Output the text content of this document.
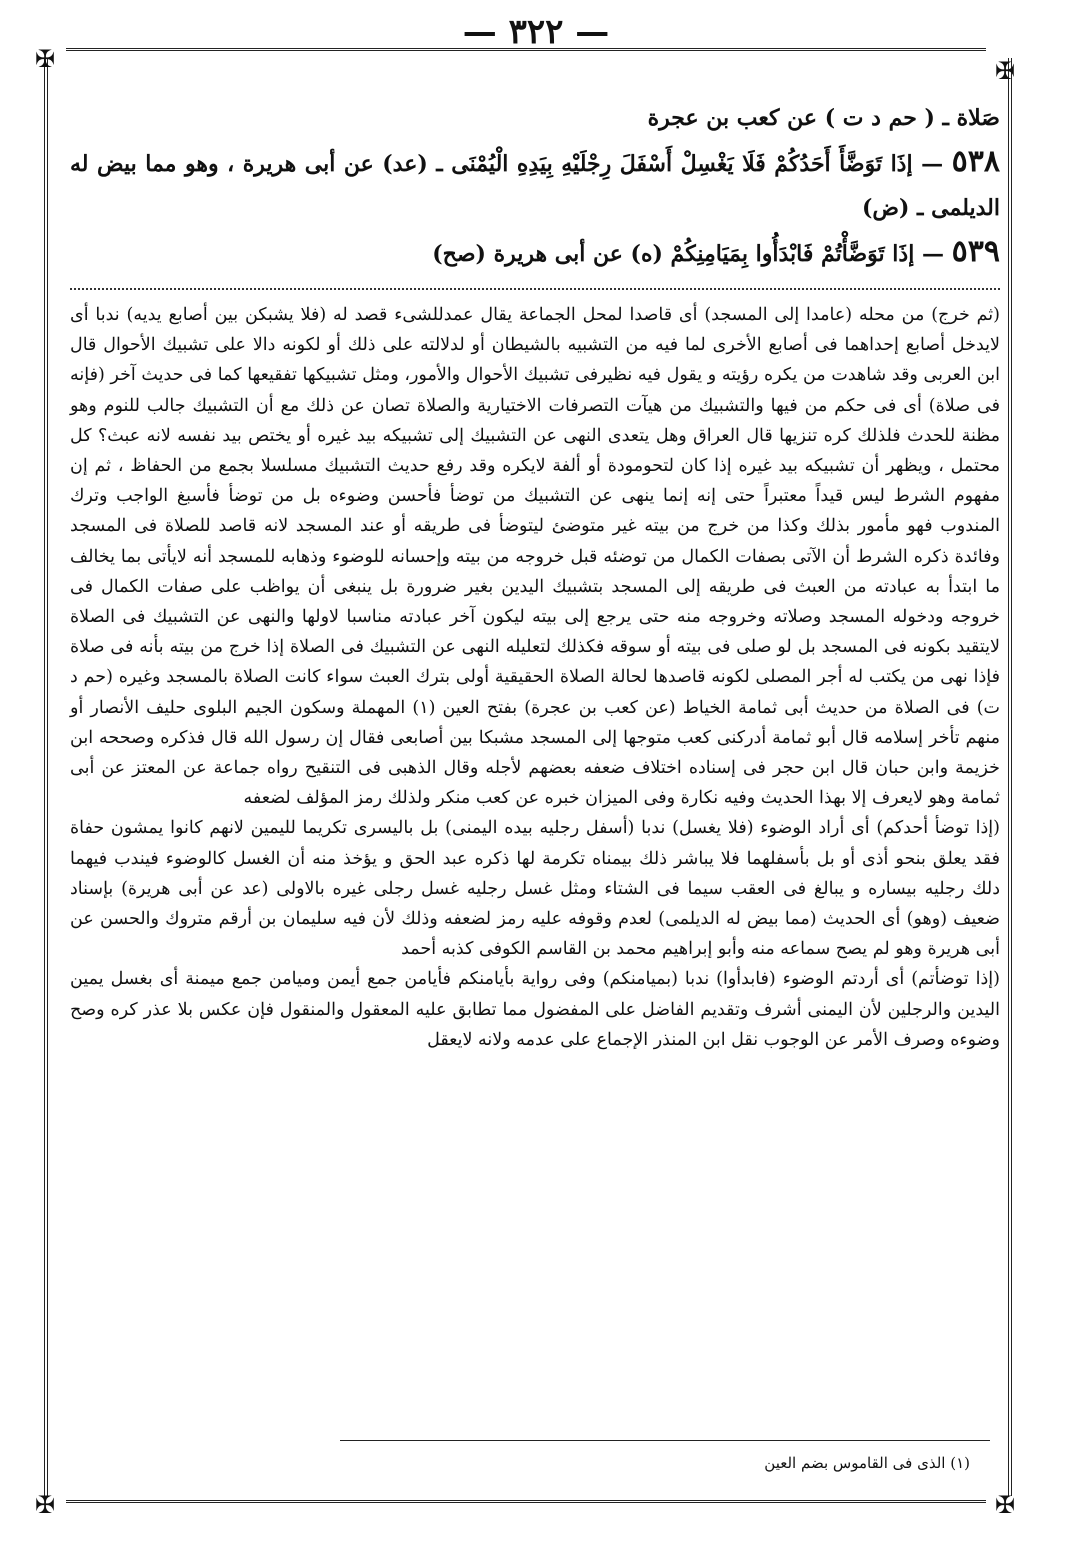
— ٣٢٢ —
✠	✠
✠	✠

صَلاة ـ ( حم د ت ) عن كعب بن عجرة

٥٣٨ — إذَا تَوَضَّأَ أَحَدُكُمْ فَلَا يَغْسِلْ أَسْفَلَ رِجْلَيْهِ بِيَدِهِ الْيُمْنَى ـ (عد) عن أبى هريرة ، وهو مما بيض له الديلمى ـ (ض)

٥٣٩ — إذَا تَوَضَّأْتُمْ فَابْدَأُوا بِمَيَامِنِكُمْ (ه) عن أبى هريرة (صح)

(ثم خرج) من محله (عامدا إلى المسجد) أى قاصدا لمحل الجماعة يقال عمدللشىء قصد له (فلا يشبكن بين أصابع يديه) ندبا أى لايدخل أصابع إحداهما فى أصابع الأخرى لما فيه من التشبيه بالشيطان أو لدلالته على ذلك أو لكونه دالا على تشبيك الأحوال قال ابن العربى وقد شاهدت من يكره رؤيته و يقول فيه نظيرفى تشبيك الأحوال والأمور، ومثل تشبيكها تفقيعها كما فى حديث آخر (فإنه فى صلاة) أى فى حكم من فيها والتشبيك من هيآت التصرفات الاختيارية والصلاة تصان عن ذلك مع أن التشبيك جالب للنوم وهو مظنة للحدث فلذلك كره تنزيها قال العراق وهل يتعدى النهى عن التشبيك إلى تشبيكه بيد غيره أو يختص بيد نفسه لانه عبث؟ كل محتمل ، ويظهر أن تشبيكه بيد غيره إذا كان لتحومودة أو ألفة لايكره وقد رفع حديث التشبيك مسلسلا بجمع من الحفاظ ، ثم إن مفهوم الشرط ليس قيداً معتبراً حتى إنه إنما ينهى عن التشبيك من توضأ فأحسن وضوءه بل من توضأ فأسبغ الواجب وترك المندوب فهو مأمور بذلك وكذا من خرج من بيته غير متوضئ ليتوضأ فى طريقه أو عند المسجد لانه قاصد للصلاة فى المسجد وفائدة ذكره الشرط أن الآتى بصفات الكمال من توضئه قبل خروجه من بيته وإحسانه للوضوء وذهابه للمسجد أنه لايأتى بما يخالف ما ابتدأ به عبادته من العبث فى طريقه إلى المسجد بتشبيك اليدين بغير ضرورة بل ينبغى أن يواظب على صفات الكمال فى خروجه ودخوله المسجد وصلاته وخروجه منه حتى يرجع إلى بيته ليكون آخر عبادته مناسبا لاولها والنهى عن التشبيك فى الصلاة لايتقيد بكونه فى المسجد بل لو صلى فى بيته أو سوقه فكذلك لتعليله النهى عن التشبيك فى الصلاة إذا خرج من بيته بأنه فى صلاة فإذا نهى من يكتب له أجر المصلى لكونه قاصدها لحالة الصلاة الحقيقية أولى بترك العبث سواء كانت الصلاة بالمسجد وغيره (حم د ت) فى الصلاة من حديث أبى ثمامة الخياط (عن كعب بن عجرة) بفتح العين (١) المهملة وسكون الجيم البلوى حليف الأنصار أو منهم تأخر إسلامه قال أبو ثمامة أدركنى كعب متوجها إلى المسجد مشبكا بين أصابعى فقال إن رسول الله قال فذكره وصححه ابن خزيمة وابن حبان قال ابن حجر فى إسناده اختلاف ضعفه بعضهم لأجله وقال الذهبى فى التنقيح رواه جماعة عن المعتز عن أبى ثمامة وهو لايعرف إلا بهذا الحديث وفيه نكارة وفى الميزان خبره عن كعب منكر ولذلك رمز المؤلف لضعفه

(إذا توضأ أحدكم) أى أراد الوضوء (فلا يغسل) ندبا (أسفل رجليه بيده اليمنى) بل باليسرى تكريما لليمين لانهم كانوا يمشون حفاة فقد يعلق بنحو أذى أو بل بأسفلهما فلا يباشر ذلك بيمناه تكرمة لها ذكره عبد الحق و يؤخذ منه أن الغسل كالوضوء فيندب فيهما دلك رجليه بيساره و يبالغ فى العقب سيما فى الشتاء ومثل غسل رجليه غسل رجلى غيره بالاولى (عد عن أبى هريرة) بإسناد ضعيف (وهو) أى الحديث (مما بيض له الديلمى) لعدم وقوفه عليه رمز لضعفه وذلك لأن فيه سليمان بن أرقم متروك والحسن عن أبى هريرة وهو لم يصح سماعه منه وأبو إبراهيم محمد بن القاسم الكوفى كذبه أحمد

(إذا توضأتم) أى أردتم الوضوء (فابدأوا) ندبا (بميامنكم) وفى رواية بأيامنكم فأيامن جمع أيمن وميامن جمع ميمنة أى بغسل يمين اليدين والرجلين لأن اليمنى أشرف وتقديم الفاضل على المفضول مما تطابق عليه المعقول والمنقول فإن عكس بلا عذر كره وصح وضوءه وصرف الأمر عن الوجوب نقل ابن المنذر الإجماع على عدمه ولانه لايعقل

(١) الذى فى القاموس بضم العين
